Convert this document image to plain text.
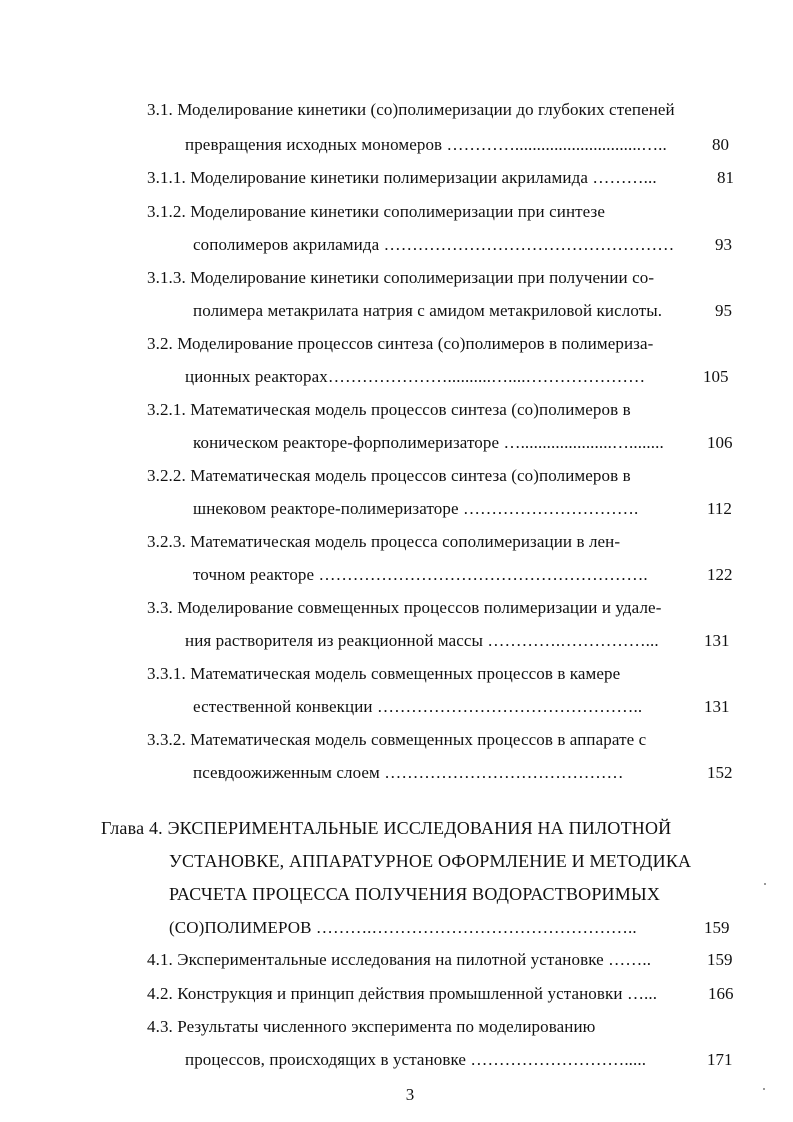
3.1. Моделирование кинетики (со)полимеризации до глубоких степеней
превращения исходных мономеров ………….............................…..	80
3.1.1. Моделирование кинетики полимеризации акриламида ………...	81
3.1.2. Моделирование кинетики сополимеризации при синтезе
сополимеров акриламида …………………………………………… 93
3.1.3. Моделирование кинетики сополимеризации при получении со-
полимера метакрилата натрия с амидом метакриловой кислоты.	95
3.2. Моделирование процессов синтеза (со)полимеров в полимериза-
ционных реакторах…………………..........…....…………………	105
3.2.1. Математическая модель процессов синтеза (со)полимеров в
коническом реакторе-форполимеризаторе ….....................…........	106
3.2.2. Математическая модель процессов синтеза (со)полимеров в
шнековом реакторе-полимеризаторе ………………………….	112
3.2.3. Математическая модель процесса сополимеризации в лен-
точном реакторе ………………………………………………….	122
3.3. Моделирование совмещенных процессов полимеризации и удале-
ния растворителя из реакционной массы ………….……………...	131
3.3.1. Математическая модель совмещенных процессов в камере
естественной конвекции ………………………………………..	131
3.3.2. Математическая модель совмещенных процессов в аппарате с
псевдоожиженным слоем ……………………………………	152
Глава 4. ЭКСПЕРИМЕНТАЛЬНЫЕ ИССЛЕДОВАНИЯ НА ПИЛОТНОЙ
УСТАНОВКЕ, АППАРАТУРНОЕ ОФОРМЛЕНИЕ И МЕТОДИКА
РАСЧЕТА ПРОЦЕССА ПОЛУЧЕНИЯ ВОДОРАСТВОРИМЫХ
(СО)ПОЛИМЕРОВ ……….………………………………………..	159
4.1. Экспериментальные исследования на пилотной установке ……..	159
4.2. Конструкция и принцип действия промышленной установки …...	166
4.3. Результаты численного эксперимента по моделированию
процессов, происходящих в установке ……………………….....	171
3
